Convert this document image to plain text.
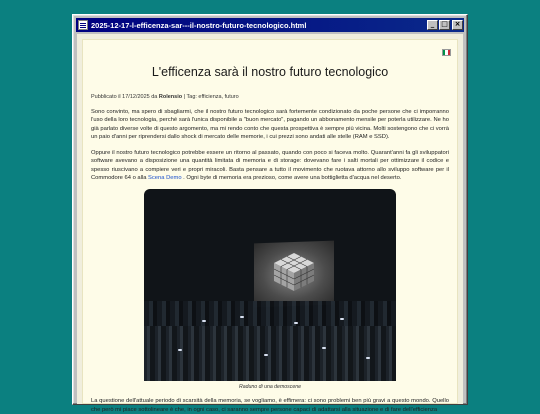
2025-12-17-l-efficenza-sar---il-nostro-futuro-tecnologico.html	_ □ ×
L'efficenza sarà il nostro futuro tecnologico
Pubblicato il 17/12/2025 da Rolensio | Tag: efficienza, futuro

Sono convinto, ma spero di sbagliarmi, che il nostro futuro tecnologico sarà fortemente condizionato da poche persone che ci imporranno l'uso della loro tecnologia, perché sarà l'unica disponibile a "buon mercato", pagando un abbonamento mensile per poterla utilizzare. Ne ho già parlato diverse volte di questo argomento, ma mi rendo conto che questa prospettiva è sempre più vicina. Molti sostengono che ci vorrà un paio d'anni per riprendersi dallo shock di mercato delle memorie, i cui prezzi sono andati alle stelle (RAM e SSD).

Oppure il nostro futuro tecnologico potrebbe essere un ritorno al passato, quando con poco si faceva molto. Quarant'anni fa gli sviluppatori software avevano a disposizione una quantità limitata di memoria e di storage: dovevano fare i salti mortali per ottimizzare il codice e spesso riuscivano a compiere veri e propri miracoli. Basta pensare a tutto il movimento che ruotava attorno allo sviluppo software per il Commodore 64 o alla Scena Demo . Ogni byte di memoria era prezioso, come avere una bottiglietta d'acqua nel deserto.

Raduno di una demoscene

La questione dell'attuale periodo di scarsità della memoria, se vogliamo, è effimera: ci sono problemi ben più gravi a questo mondo. Quello che però mi piace sottolineare è che, in ogni caso, ci saranno sempre persone capaci di adattarsi alla situazione e di fare dell'efficienza
